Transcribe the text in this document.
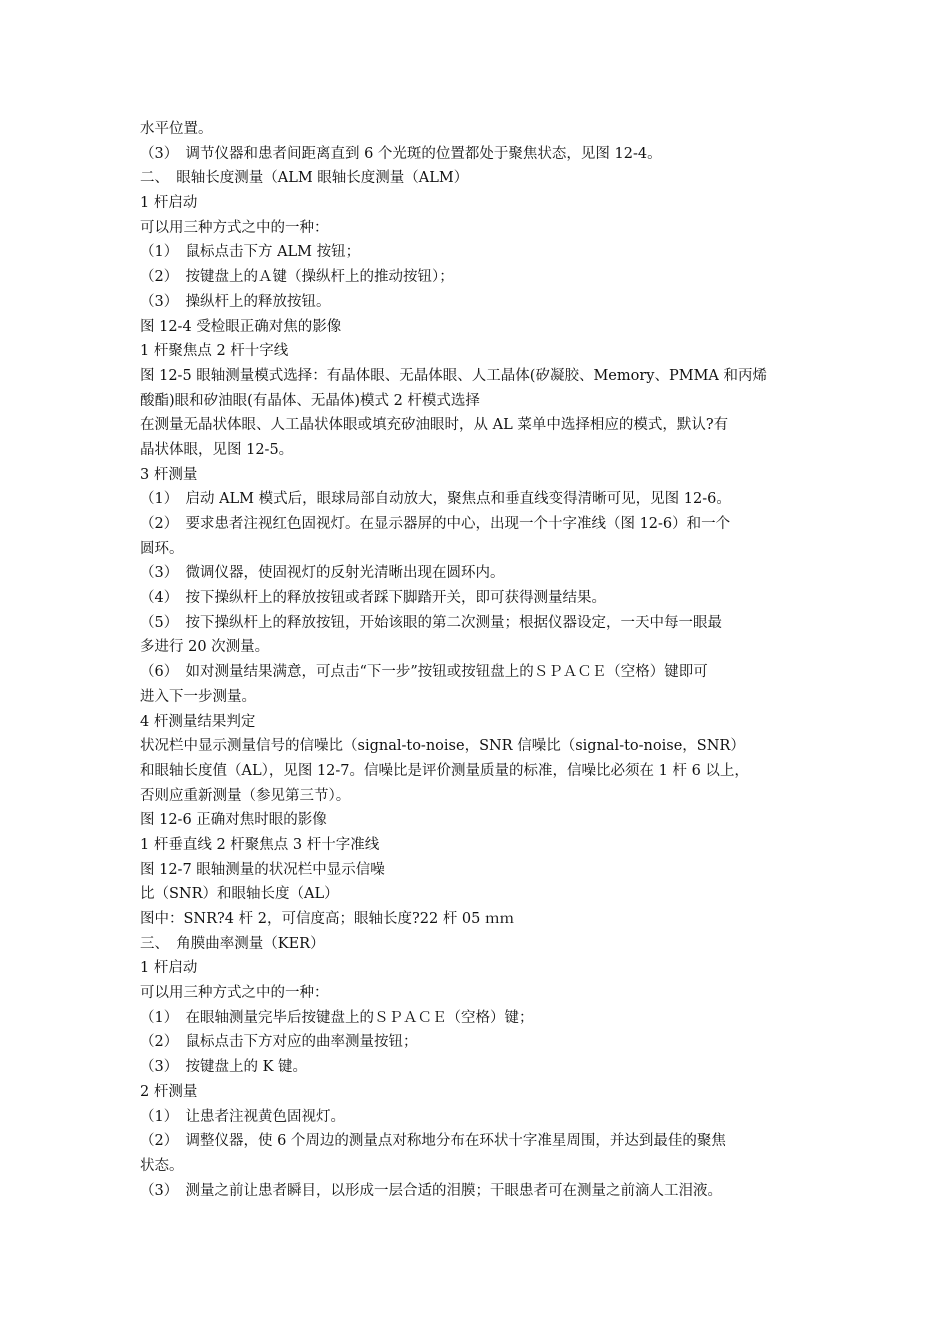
水平位置。
（3）　调节仪器和患者间距离直到 6 个光斑的位置都处于聚焦状态，见图 12-4。
二、　眼轴长度测量（ALM 眼轴长度测量（ALM）
1 杆启动
可以用三种方式之中的一种：
（1）　鼠标点击下方 ALM 按钮；
（2）　按键盘上的Ａ键（操纵杆上的推动按钮）；
（3）　操纵杆上的释放按钮。
图 12-4 受检眼正确对焦的影像
1 杆聚焦点 2 杆十字线
图 12-5 眼轴测量模式选择：有晶体眼、无晶体眼、人工晶体(矽凝胶、Memory、PMMA 和丙烯
酸酯)眼和矽油眼(有晶体、无晶体)模式 2 杆模式选择
在测量无晶状体眼、人工晶状体眼或填充矽油眼时，从 AL 菜单中选择相应的模式，默认?有
晶状体眼，见图 12-5。
3 杆测量
（1）　启动 ALM 模式后，眼球局部自动放大，聚焦点和垂直线变得清晰可见，见图 12-6。
（2）　要求患者注视红色固视灯。在显示器屏的中心，出现一个十字准线（图 12-6）和一个
圆环。
（3）　微调仪器，使固视灯的反射光清晰出现在圆环内。
（4）　按下操纵杆上的释放按钮或者踩下脚踏开关，即可获得测量结果。
（5）　按下操纵杆上的释放按钮，开始该眼的第二次测量；根据仪器设定，一天中每一眼最
多进行 20 次测量。
（6）　如对测量结果满意，可点击“下一步”按钮或按钮盘上的ＳＰＡＣＥ（空格）键即可
进入下一步测量。
4 杆测量结果判定
状况栏中显示测量信号的信噪比（signal-to-noise，SNR 信噪比（signal-to-noise，SNR）
和眼轴长度值（AL），见图 12-7。信噪比是评价测量质量的标准，信噪比必须在 1 杆 6 以上，
否则应重新测量（参见第三节）。
图 12-6 正确对焦时眼的影像
1 杆垂直线 2 杆聚焦点 3 杆十字准线
图 12-7 眼轴测量的状况栏中显示信噪
比（SNR）和眼轴长度（AL）
图中：SNR?4 杆 2，可信度高；眼轴长度?22 杆 05 ｍｍ
三、　角膜曲率测量（KER）
1 杆启动
可以用三种方式之中的一种：
（1）　在眼轴测量完毕后按键盘上的ＳＰＡＣＥ（空格）键；
（2）　鼠标点击下方对应的曲率测量按钮；
（3）　按键盘上的 K 键。
2 杆测量
（1）　让患者注视黄色固视灯。
（2）　调整仪器，使 6 个周边的测量点对称地分布在环状十字准星周围，并达到最佳的聚焦
状态。
（3）　测量之前让患者瞬目，以形成一层合适的泪膜；干眼患者可在测量之前滴人工泪液。
